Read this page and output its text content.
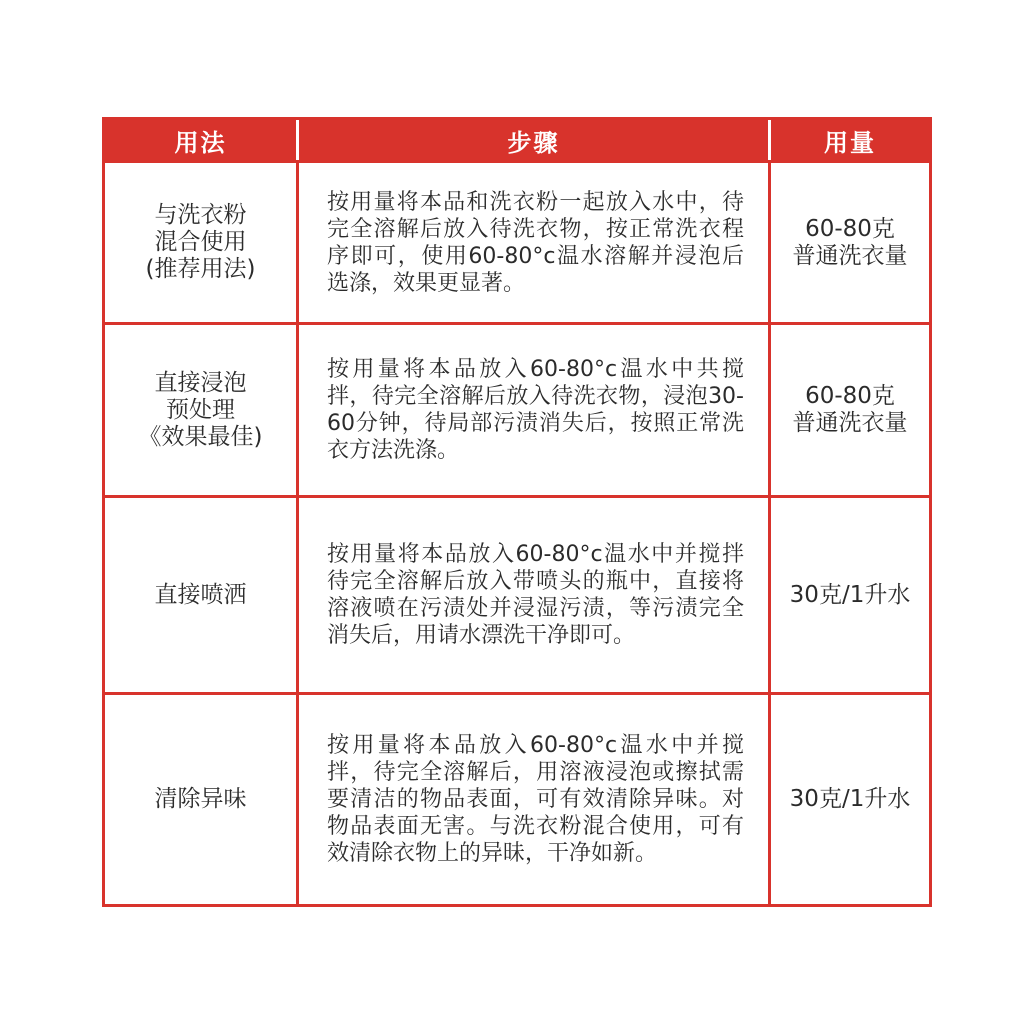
用法	步骤	用量
与洗衣粉
混合使用
(推荐用法)
按用量将本品和洗衣粉一起放入水中，待完全溶解后放入待洗衣物，按正常洗衣程序即可，使用60-80°c温水溶解并浸泡后选涤，效果更显著。
60-80克
普通洗衣量
直接浸泡
预处理
《效果最佳)
按用量将本品放入60-80°c温水中共搅拌，待完全溶解后放入待洗衣物，浸泡30-60分钟，待局部污渍消失后，按照正常洗衣方法洗涤。
60-80克
普通洗衣量
直接喷洒
按用量将本品放入60-80°c温水中并搅拌待完全溶解后放入带喷头的瓶中，直接将溶液喷在污渍处并浸湿污渍，等污渍完全消失后，用请水漂洗干净即可。
30克/1升水
清除异味
按用量将本品放入60-80°c温水中并搅拌，待完全溶解后，用溶液浸泡或擦拭需要清洁的物品表面，可有效清除异味。对物品表面无害。与洗衣粉混合使用，可有效清除衣物上的异昧，干净如新。
30克/1升水
